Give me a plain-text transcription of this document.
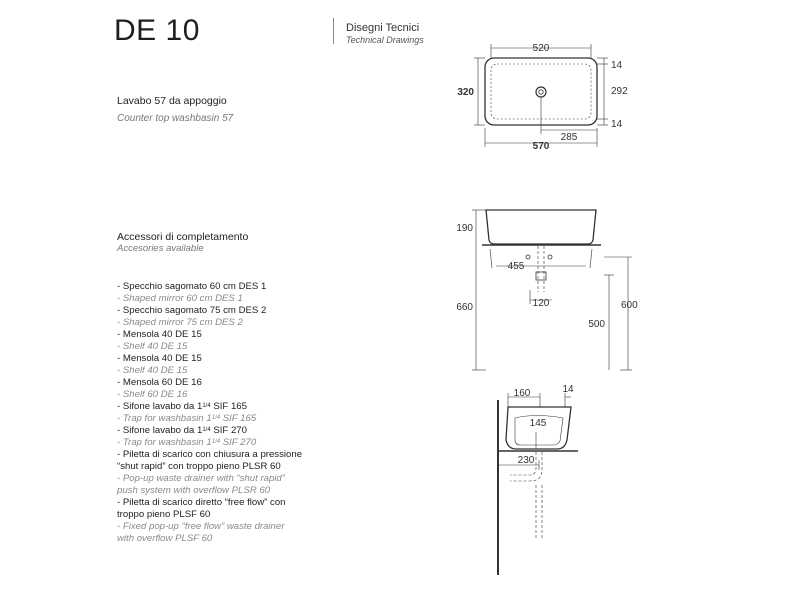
DE 10	Disegni Tecnici
Technical Drawings
Lavabo 57 da appoggio
Counter top washbasin 57
Accessori di completamento
Accesories available
- Specchio sagomato 60 cm DES 1
- Shaped mirror 60 cm DES 1
- Specchio sagomato 75 cm DES 2
- Shaped mirror 75 cm DES 2
- Mensola 40 DE 15
- Shelf 40 DE 15
- Mensola 40 DE 15
- Shelf 40 DE 15
- Mensola 60 DE 16
- Shelf 60 DE 16
- Sifone lavabo da $1^{1/4}$ SIF 165
- Trap for washbasin $1^{1/4}$ SIF 165
- Sifone lavabo da $1^{1/4}$ SIF 270
- Trap for washbasin $1^{1/4}$ SIF 270
- Piletta di scarico con chiusura a pressione
“shut rapid” con troppo pieno PLSR 60
- Pop-up waste drainer with “shut rapid”
push system with overflow PLSR 60
- Piletta di scarico diretto “free flow” con
troppo pieno PLSF 60
- Fixed pop-up “free flow” waste drainer
with overflow PLSF 60
520
570
285
320	292
14
14
190
455
120
660	600
500
160	14
145
230
